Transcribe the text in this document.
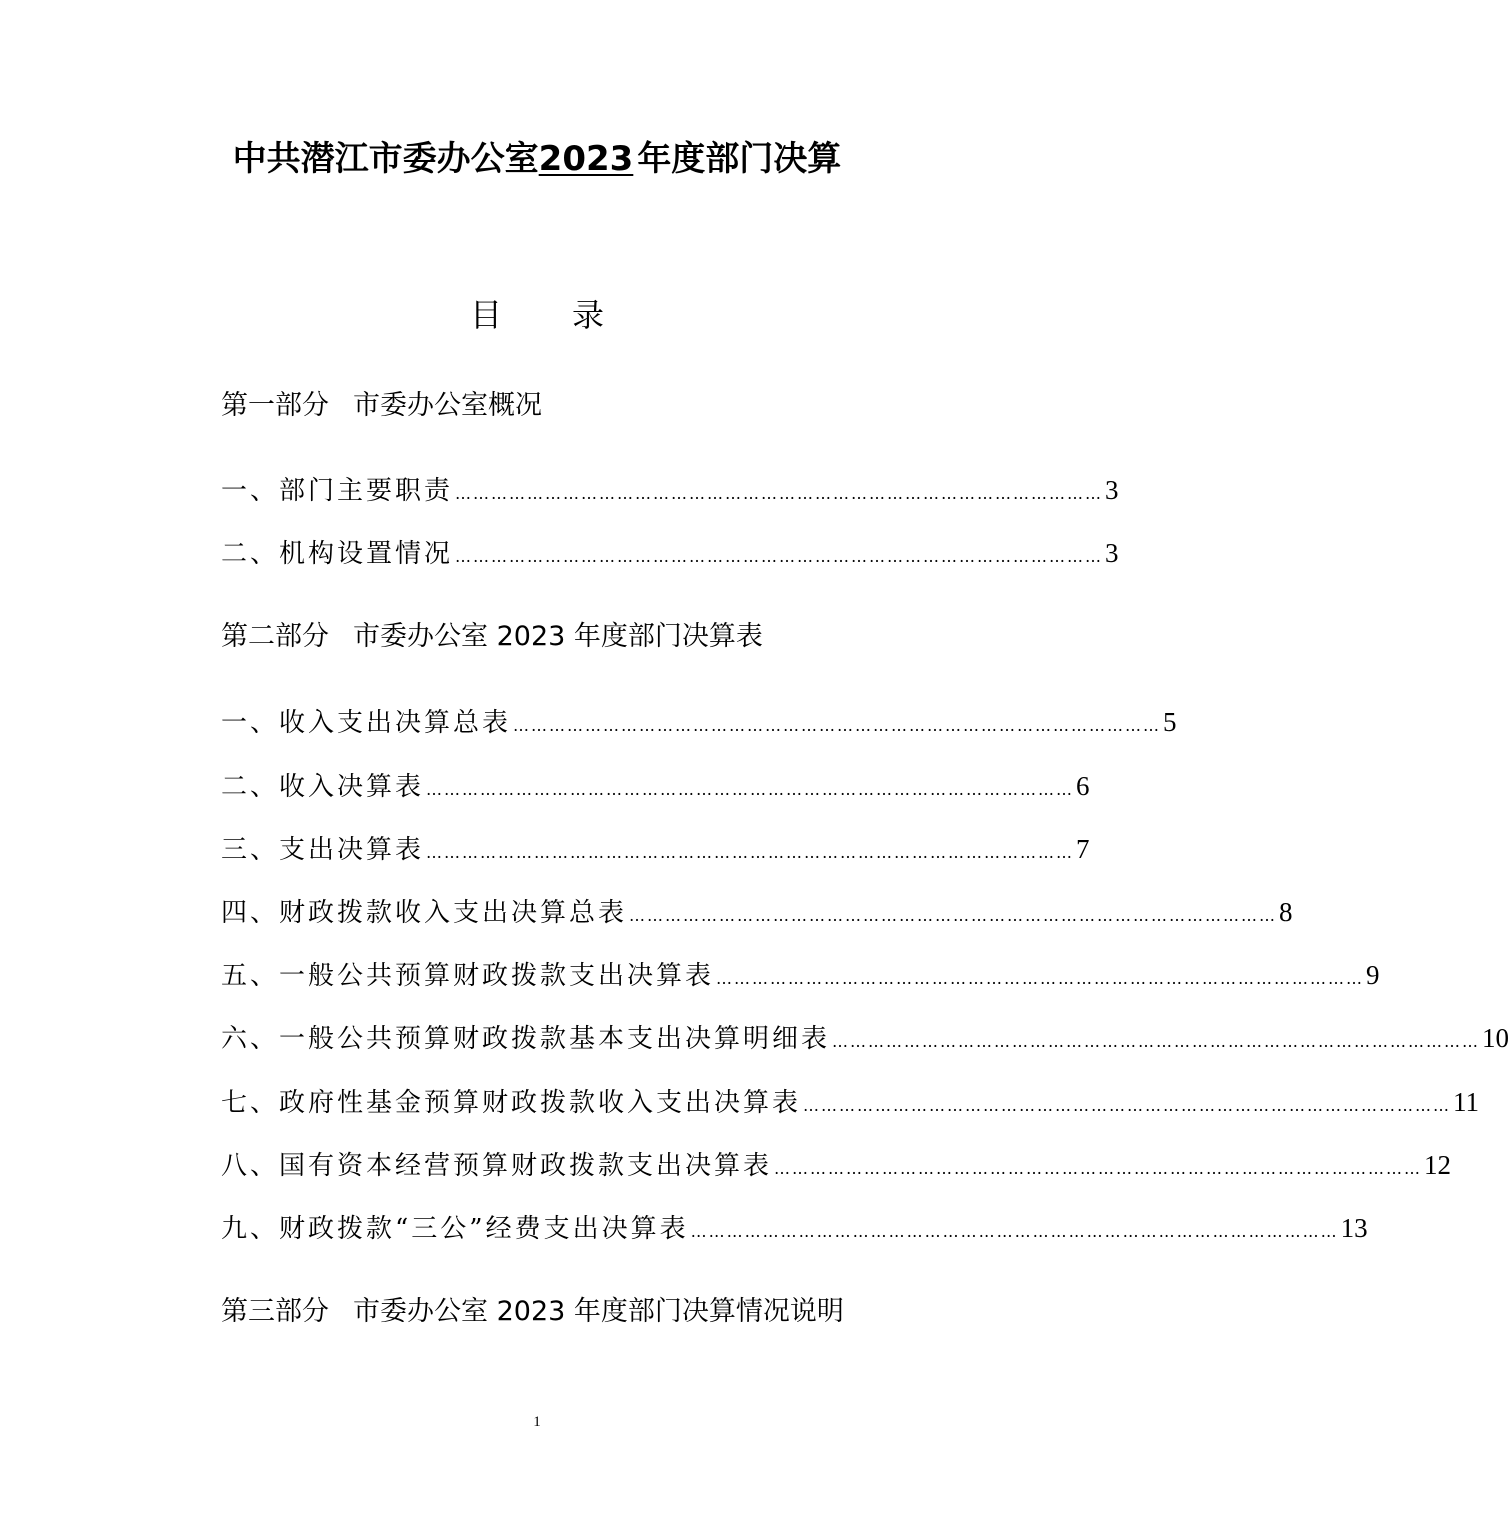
中共潜江市委办公室2023 年度部门决算
目 录
第一部分 市委办公室概况
一、部门主要职责 ……………………………………………………………………………………………… 3
二、机构设置情况 ……………………………………………………………………………………………… 3
第二部分 市委办公室 2023 年度部门决算表
一、收入支出决算总表 ……………………………………………………………………………………………… 5
二、收入决算表 ……………………………………………………………………………………………… 6
三、支出决算表 ……………………………………………………………………………………………… 7
四、财政拨款收入支出决算总表 ……………………………………………………………………………………………… 8
五、一般公共预算财政拨款支出决算表 ……………………………………………………………………………………………… 9
六、一般公共预算财政拨款基本支出决算明细表 ……………………………………………………………………………………………… 10
七、政府性基金预算财政拨款收入支出决算表 ……………………………………………………………………………………………… 11
八、国有资本经营预算财政拨款支出决算表 ……………………………………………………………………………………………… 12
九、财政拨款“三公”经费支出决算表 ……………………………………………………………………………………………… 13
第三部分 市委办公室 2023 年度部门决算情况说明
1
